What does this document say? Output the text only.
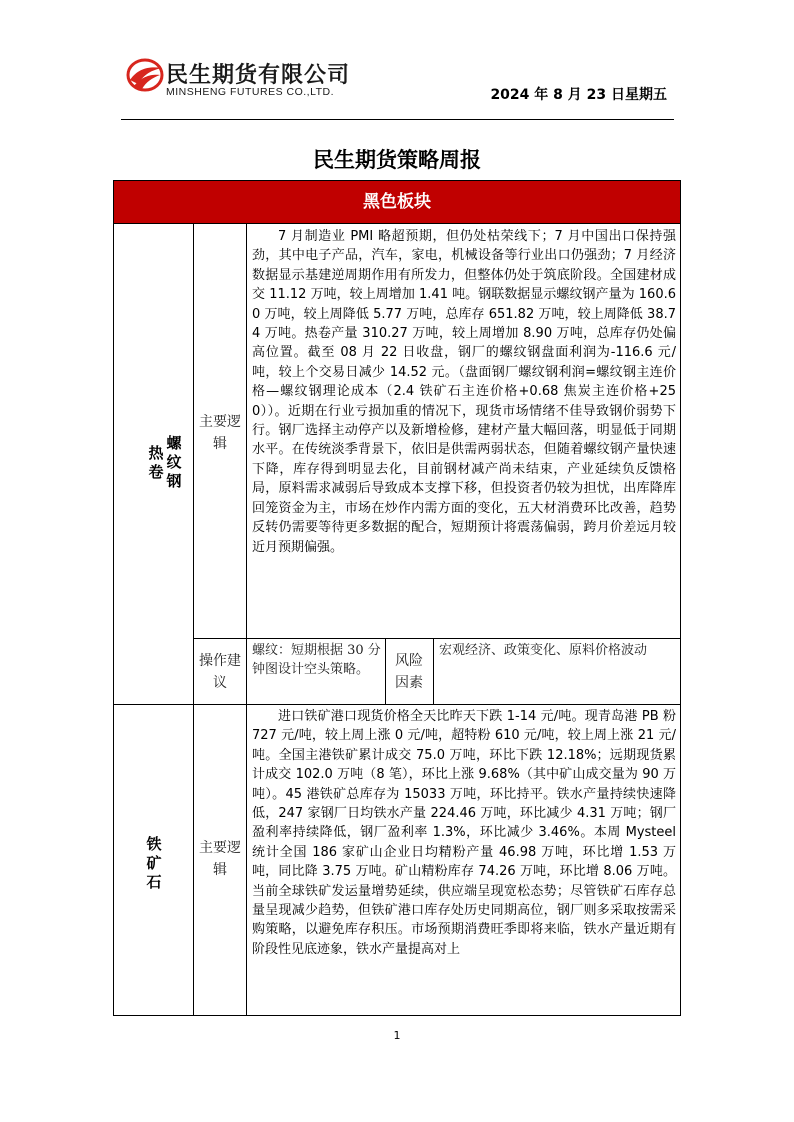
民生期货有限公司
MINSHENG FUTURES CO.,LTD.	2024 年 8 月 23 日星期五
民生期货策略周报
黑色板块
热卷
螺纹钢
主要逻辑
7 月制造业 PMI 略超预期，但仍处枯荣线下；7 月中国出口保持强劲，其中电子产品，汽车，家电，机械设备等行业出口仍强劲；7 月经济数据显示基建逆周期作用有所发力，但整体仍处于筑底阶段。全国建材成交 11.12 万吨，较上周增加 1.41 吨。钢联数据显示螺纹钢产量为 160.60 万吨，较上周降低 5.77 万吨，总库存 651.82 万吨，较上周降低 38.74 万吨。热卷产量 310.27 万吨，较上周增加 8.90 万吨，总库存仍处偏高位置。截至 08 月 22 日收盘，钢厂的螺纹钢盘面利润为-116.6 元/吨，较上个交易日减少 14.52 元。（盘面钢厂螺纹钢利润=螺纹钢主连价格—螺纹钢理论成本（2.4 铁矿石主连价格+0.68 焦炭主连价格+250））。近期在行业亏损加重的情况下，现货市场情绪不佳导致钢价弱势下行。钢厂选择主动停产以及新增检修，建材产量大幅回落，明显低于同期水平。在传统淡季背景下，依旧是供需两弱状态，但随着螺纹钢产量快速下降，库存得到明显去化，目前钢材减产尚未结束，产业延续负反馈格局，原料需求减弱后导致成本支撑下移，但投资者仍较为担忧，出库降库回笼资金为主，市场在炒作内需方面的变化，五大材消费环比改善，趋势反转仍需要等待更多数据的配合，短期预计将震荡偏弱，跨月价差远月较近月预期偏强。
操作建议
螺纹：短期根据 30 分钟图设计空头策略。
风险因素
宏观经济、政策变化、原料价格波动
铁矿石
主要逻辑
进口铁矿港口现货价格全天比昨天下跌 1-14 元/吨。现青岛港 PB 粉 727 元/吨，较上周上涨 0 元/吨，超特粉 610 元/吨，较上周上涨 21 元/吨。全国主港铁矿累计成交 75.0 万吨，环比下跌 12.18%；远期现货累计成交 102.0 万吨（8 笔），环比上涨 9.68%（其中矿山成交量为 90 万吨）。45 港铁矿总库存为 15033 万吨，环比持平。铁水产量持续快速降低，247 家钢厂日均铁水产量 224.46 万吨，环比减少 4.31 万吨；钢厂盈利率持续降低，钢厂盈利率 1.3%，环比减少 3.46%。本周 Mysteel 统计全国 186 家矿山企业日均精粉产量 46.98 万吨，环比增 1.53 万吨，同比降 3.75 万吨。矿山精粉库存 74.26 万吨，环比增 8.06 万吨。当前全球铁矿发运量增势延续，供应端呈现宽松态势；尽管铁矿石库存总量呈现减少趋势，但铁矿港口库存处历史同期高位，钢厂则多采取按需采购策略，以避免库存积压。市场预期消费旺季即将来临，铁水产量近期有阶段性见底迹象，铁水产量提高对上
1
